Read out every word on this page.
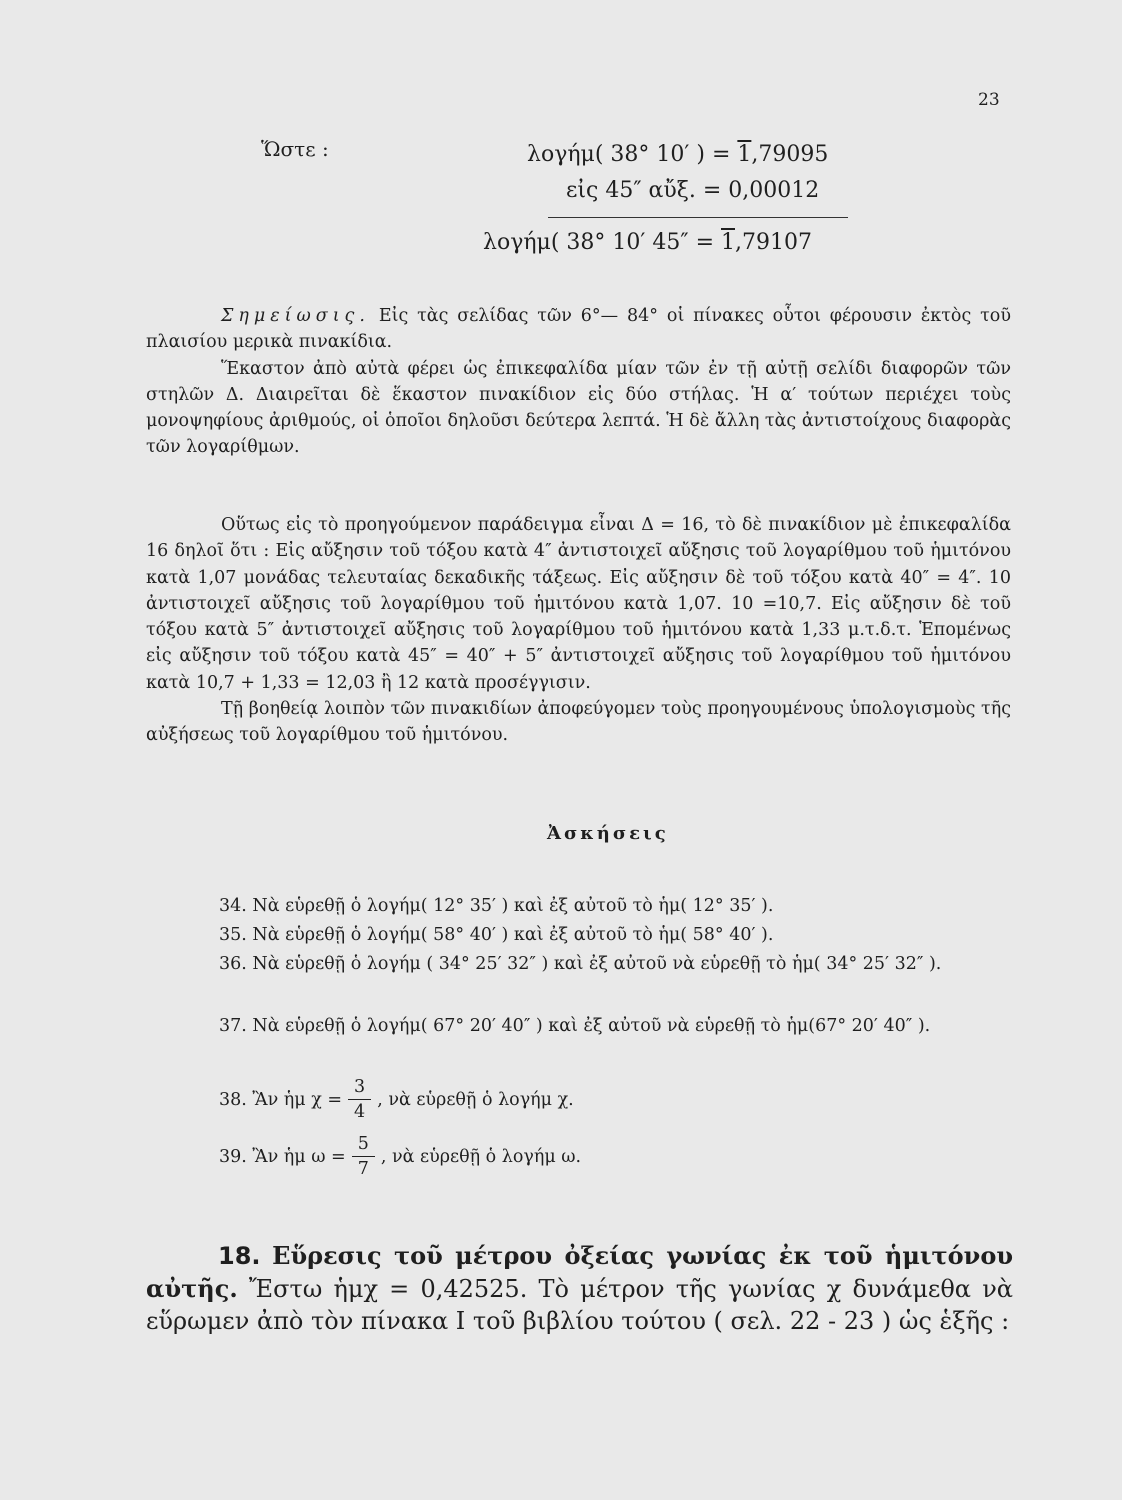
23
Ὥστε :	λογήμ( 38° 10′ ) = 1,79095
εἰς 45″ αὔξ. = 0,00012
λογήμ( 38° 10′ 45″ = 1,79107

Σημείωσις. Εἰς τὰς σελίδας τῶν 6°— 84° οἱ πίνακες οὗτοι φέρουσιν ἐκτὸς τοῦ πλαισίου μερικὰ πινακίδια.

Ἕκαστον ἀπὸ αὐτὰ φέρει ὡς ἐπικεφαλίδα μίαν τῶν ἐν τῇ αὐτῇ σελίδι διαφορῶν τῶν στηλῶν Δ. Διαιρεῖται δὲ ἕκαστον πινακίδιον εἰς δύο στήλας. Ἡ α′ τούτων περιέχει τοὺς μονοψηφίους ἀριθμούς, οἱ ὁποῖοι δηλοῦσι δεύτερα λεπτά. Ἡ δὲ ἄλλη τὰς ἀντιστοίχους διαφορὰς τῶν λογαρίθμων.

Οὕτως εἰς τὸ προηγούμενον παράδειγμα εἶναι Δ = 16, τὸ δὲ πινακίδιον μὲ ἐπικεφαλίδα 16 δηλοῖ ὅτι : Εἰς αὔξησιν τοῦ τόξου κατὰ 4″ ἀντιστοιχεῖ αὔξησις τοῦ λογαρίθμου τοῦ ἡμιτόνου κατὰ 1,07 μονάδας τελευταίας δεκαδικῆς τάξεως. Εἰς αὔξησιν δὲ τοῦ τόξου κατὰ 40″ = 4″. 10 ἀντιστοιχεῖ αὔξησις τοῦ λογαρίθμου τοῦ ἡμιτόνου κατὰ 1,07. 10 =10,7. Εἰς αὔξησιν δὲ τοῦ τόξου κατὰ 5″ ἀντιστοιχεῖ αὔξησις τοῦ λογαρίθμου τοῦ ἡμιτόνου κατὰ 1,33 μ.τ.δ.τ. Ἑπομένως εἰς αὔξησιν τοῦ τόξου κατὰ 45″ = 40″ + 5″ ἀντιστοιχεῖ αὔξησις τοῦ λογαρίθμου τοῦ ἡμιτόνου κατὰ 10,7 + 1,33 = 12,03 ἢ 12 κατὰ προσέγγισιν.

Τῇ βοηθείᾳ λοιπὸν τῶν πινακιδίων ἀποφεύγομεν τοὺς προηγουμένους ὑπολογισμοὺς τῆς αὐξήσεως τοῦ λογαρίθμου τοῦ ἡμιτόνου.

Ἀσκήσεις
34. Νὰ εὑρεθῇ ὁ λογήμ( 12° 35′ ) καὶ ἐξ αὐτοῦ τὸ ἡμ( 12° 35′ ).
35. Νὰ εὑρεθῇ ὁ λογήμ( 58° 40′ ) καὶ ἐξ αὐτοῦ τὸ ἡμ( 58° 40′ ).
36. Νὰ εὑρεθῇ ὁ λογήμ ( 34° 25′ 32″ ) καὶ ἐξ αὐτοῦ νὰ εὑρεθῇ τὸ ἡμ( 34° 25′ 32″ ).
37. Νὰ εὑρεθῇ ὁ λογήμ( 67° 20′ 40″ ) καὶ ἐξ αὐτοῦ νὰ εὑρεθῇ τὸ ἡμ(67° 20′ 40″ ).
38. Ἂν ἡμ $\chi = \frac{3}{4}$ , νὰ εὑρεθῇ ὁ λογήμ χ.
39. Ἂν ἡμ $\omega = \frac{5}{7}$ , νὰ εὑρεθῇ ὁ λογήμ ω.
18. Εὕρεσις τοῦ μέτρου ὀξείας γωνίας ἐκ τοῦ ἡμιτόνου αὐτῆς. Ἔστω ἡμχ = 0,42525. Τὸ μέτρον τῆς γωνίας χ δυνάμεθα νὰ εὕρωμεν ἀπὸ τὸν πίνακα Ι τοῦ βιβλίου τούτου ( σελ. 22 - 23 ) ὡς ἑξῆς :
